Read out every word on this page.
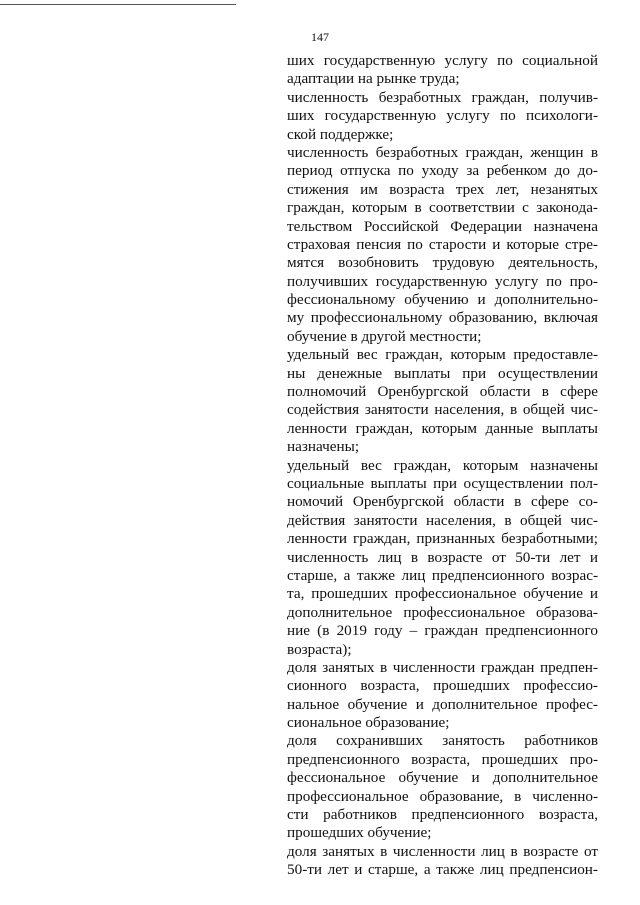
147
ших государственную услугу по социальной
адаптации на рынке труда;
численность безработных граждан, получив-
ших государственную услугу по психологи-
ской поддержке;
численность безработных граждан, женщин в
период отпуска по уходу за ребенком до до-
стижения им возраста трех лет, незанятых
граждан, которым в соответствии с законода-
тельством Российской Федерации назначена
страховая пенсия по старости и которые стре-
мятся возобновить трудовую деятельность,
получивших государственную услугу по про-
фессиональному обучению и дополнительно-
му профессиональному образованию, включая
обучение в другой местности;
удельный вес граждан, которым предоставле-
ны денежные выплаты при осуществлении
полномочий Оренбургской области в сфере
содействия занятости населения, в общей чис-
ленности граждан, которым данные выплаты
назначены;
удельный вес граждан, которым назначены
социальные выплаты при осуществлении пол-
номочий Оренбургской области в сфере со-
действия занятости населения, в общей чис-
ленности граждан, признанных безработными;
численность лиц в возрасте от 50-ти лет и
старше, а также лиц предпенсионного возрас-
та, прошедших профессиональное обучение и
дополнительное профессиональное образова-
ние (в 2019 году – граждан предпенсионного
возраста);
доля занятых в численности граждан предпен-
сионного возраста, прошедших профессио-
нальное обучение и дополнительное профес-
сиональное образование;
доля сохранивших занятость работников
предпенсионного возраста, прошедших про-
фессиональное обучение и дополнительное
профессиональное образование, в численно-
сти работников предпенсионного возраста,
прошедших обучение;
доля занятых в численности лиц в возрасте от
50-ти лет и старше, а также лиц предпенсион-
